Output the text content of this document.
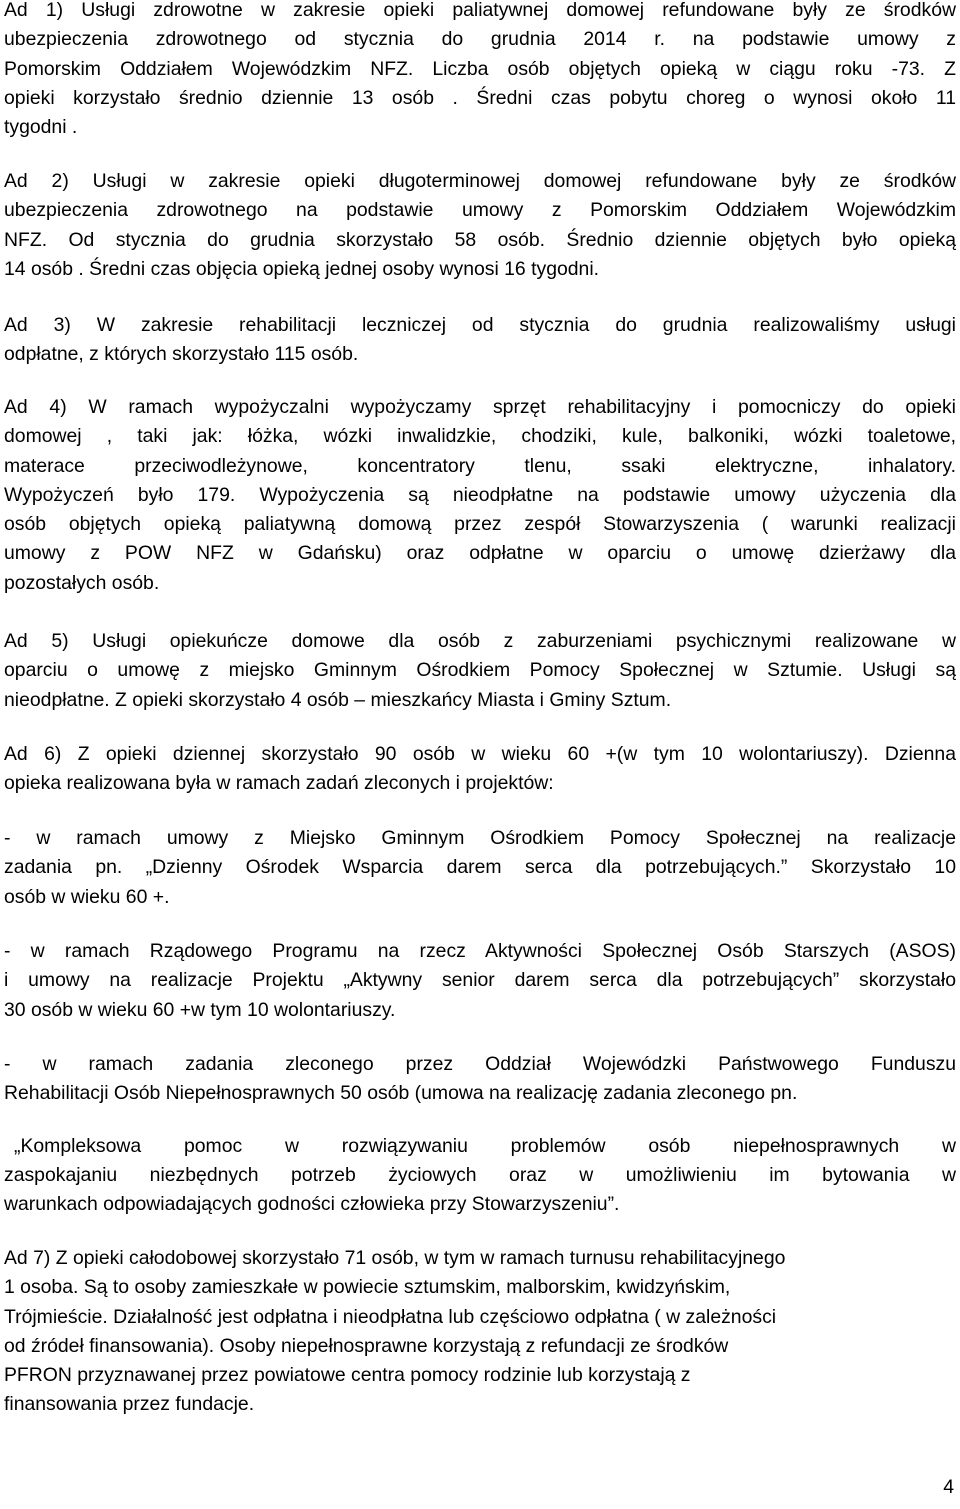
Ad 1) Usługi zdrowotne w zakresie opieki paliatywnej domowej refundowane były ze środków
ubezpieczenia zdrowotnego od stycznia do grudnia 2014 r. na podstawie umowy z
Pomorskim Oddziałem Wojewódzkim NFZ. Liczba osób objętych opieką w ciągu roku -73. Z
opieki korzystało średnio dziennie 13 osób . Średni czas pobytu choreg o wynosi około 11
tygodni .
Ad 2) Usługi w zakresie opieki długoterminowej domowej refundowane były ze środków
ubezpieczenia zdrowotnego na podstawie umowy z Pomorskim Oddziałem Wojewódzkim
NFZ. Od stycznia do grudnia skorzystało 58 osób. Średnio dziennie objętych było opieką
14 osób . Średni czas objęcia opieką jednej osoby wynosi 16 tygodni.
Ad 3) W zakresie rehabilitacji leczniczej od stycznia do grudnia realizowaliśmy usługi
odpłatne, z których skorzystało 115 osób.
Ad 4) W ramach wypożyczalni wypożyczamy sprzęt rehabilitacyjny i pomocniczy do opieki
domowej , taki jak: łóżka, wózki inwalidzkie, chodziki, kule, balkoniki, wózki toaletowe,
materace przeciwodleżynowe, koncentratory tlenu, ssaki elektryczne, inhalatory.
Wypożyczeń było 179. Wypożyczenia są nieodpłatne na podstawie umowy użyczenia dla
osób objętych opieką paliatywną domową przez zespół Stowarzyszenia ( warunki realizacji
umowy z POW NFZ w Gdańsku) oraz odpłatne w oparciu o umowę dzierżawy dla
pozostałych osób.
Ad 5) Usługi opiekuńcze domowe dla osób z zaburzeniami psychicznymi realizowane w
oparciu o umowę z miejsko Gminnym Ośrodkiem Pomocy Społecznej w Sztumie. Usługi są
nieodpłatne. Z opieki skorzystało 4 osób – mieszkańcy Miasta i Gminy Sztum.
Ad 6) Z opieki dziennej skorzystało 90 osób w wieku 60 +(w tym 10 wolontariuszy). Dzienna
opieka realizowana była w ramach zadań zleconych i projektów:
- w ramach umowy z Miejsko Gminnym Ośrodkiem Pomocy Społecznej na realizacje
zadania pn. „Dzienny Ośrodek Wsparcia darem serca dla potrzebujących.” Skorzystało 10
osób w wieku 60 +.
- w ramach Rządowego Programu na rzecz Aktywności Społecznej Osób Starszych (ASOS)
i umowy na realizacje Projektu „Aktywny senior darem serca dla potrzebujących” skorzystało
30 osób w wieku 60 +w tym 10 wolontariuszy.
- w ramach zadania zleconego przez Oddział Wojewódzki Państwowego Funduszu
Rehabilitacji Osób Niepełnosprawnych 50 osób (umowa na realizację zadania zleconego pn.
„Kompleksowa pomoc w rozwiązywaniu problemów osób niepełnosprawnych w
zaspokajaniu niezbędnych potrzeb życiowych oraz w umożliwieniu im bytowania w
warunkach odpowiadających godności człowieka przy Stowarzyszeniu”.
Ad 7) Z opieki całodobowej skorzystało 71 osób, w tym w ramach turnusu rehabilitacyjnego
1 osoba. Są to osoby zamieszkałe w powiecie sztumskim, malborskim, kwidzyńskim,
Trójmieście. Działalność jest odpłatna i nieodpłatna lub częściowo odpłatna ( w zależności
od źródeł finansowania). Osoby niepełnosprawne korzystają z refundacji ze środków
PFRON przyznawanej przez powiatowe centra pomocy rodzinie lub korzystają z
finansowania przez fundacje.
4
